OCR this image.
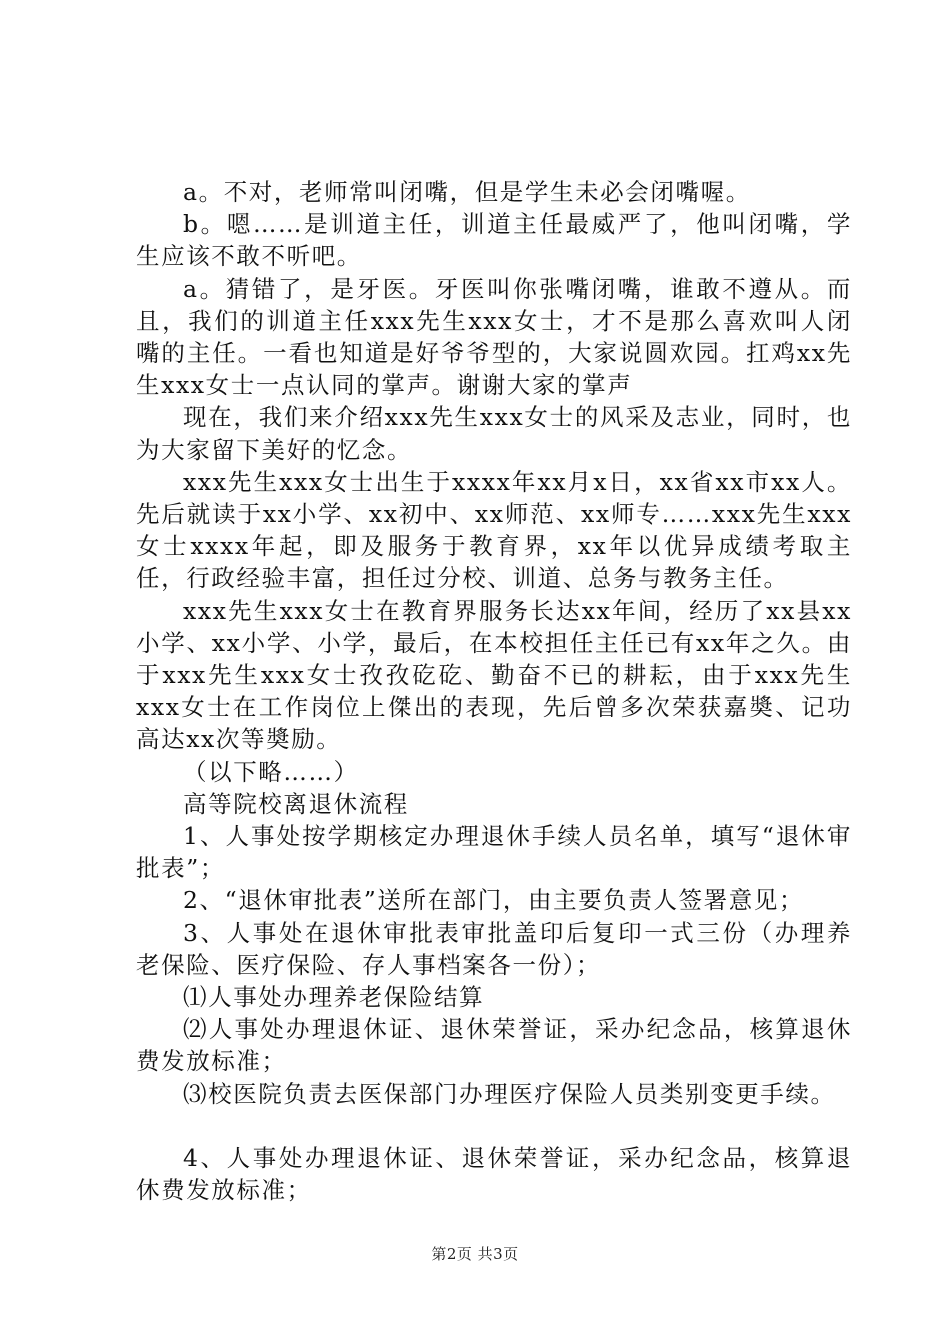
a。不对，老师常叫闭嘴，但是学生未必会闭嘴喔。

b。嗯……是训道主任，训道主任最威严了，他叫闭嘴，学生应该不敢不听吧。

a。猜错了，是牙医。牙医叫你张嘴闭嘴，谁敢不遵从。而且，我们的训道主任xxx先生xxx女士，才不是那么喜欢叫人闭嘴的主任。一看也知道是好爷爷型的，大家说圆欢园。扛鸡xx先生xxx女士一点认同的掌声。谢谢大家的掌声

现在，我们来介绍xxx先生xxx女士的风采及志业，同时，也为大家留下美好的忆念。

xxx先生xxx女士出生于xxxx年xx月x日，xx省xx市xx人。先后就读于xx小学、xx初中、xx师范、xx师专……xxx先生xxx女士xxxx年起，即及服务于教育界，xx年以优异成绩考取主任，行政经验丰富，担任过分校、训道、总务与教务主任。

xxx先生xxx女士在教育界服务长达xx年间，经历了xx县xx小学、xx小学、小学，最后，在本校担任主任已有xx年之久。由于xxx先生xxx女士孜孜矻矻、勤奋不已的耕耘，由于xxx先生xxx女士在工作岗位上傑出的表现，先后曾多次荣获嘉奬、记功高达xx次等奬励。

（以下略……）

高等院校离退休流程

1、人事处按学期核定办理退休手续人员名单，填写“退休审批表”；

2、“退休审批表”送所在部门，由主要负责人签署意见；

3、人事处在退休审批表审批盖印后复印一式三份（办理养老保险、医疗保险、存人事档案各一份）；

⑴人事处办理养老保险结算

⑵人事处办理退休证、退休荣誉证，采办纪念品，核算退休费发放标准；

⑶校医院负责去医保部门办理医疗保险人员类别变更手续。

4、人事处办理退休证、退休荣誉证，采办纪念品，核算退休费发放标准；

第2页 共3页
